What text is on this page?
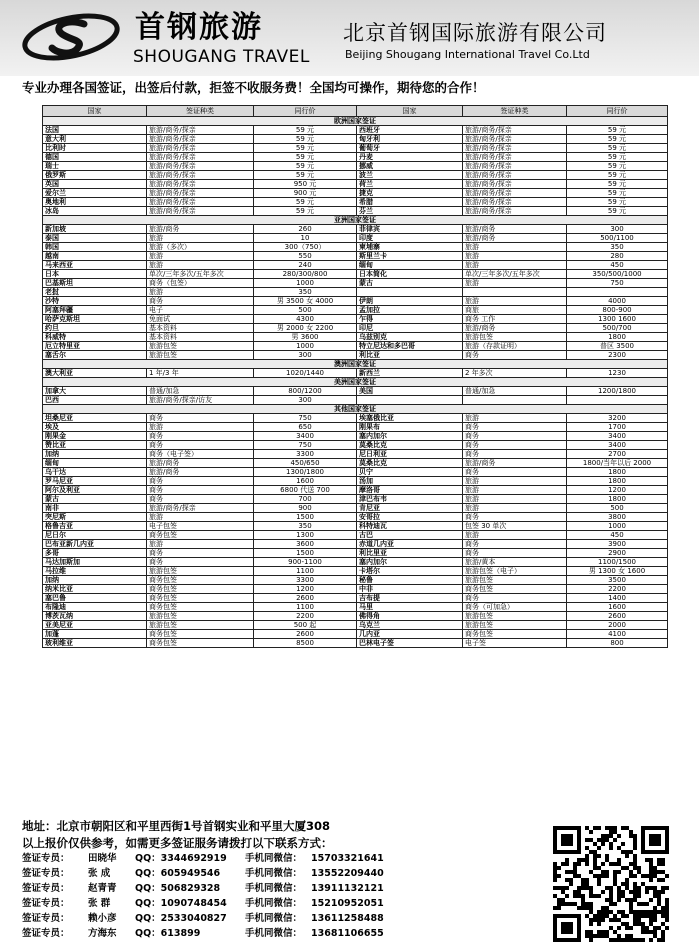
首钢旅游
SHOUGANG TRAVEL
北京首钢国际旅游有限公司
Beijing Shougang International Travel Co.Ltd
专业办理各国签证，出签后付款，拒签不收服务费！全国均可操作，期待您的合作！
国家	签证种类	同行价	国家	签证种类	同行价
欧洲国家签证					
法国	旅游/商务/探亲	59 元	西班牙	旅游/商务/探亲	59 元
意大利	旅游/商务/探亲	59 元	匈牙利	旅游/商务/探亲	59 元
比利时	旅游/商务/探亲	59 元	葡萄牙	旅游/商务/探亲	59 元
德国	旅游/商务/探亲	59 元	丹麦	旅游/商务/探亲	59 元
瑞士	旅游/商务/探亲	59 元	挪威	旅游/商务/探亲	59 元
俄罗斯	旅游/商务/探亲	59 元	波兰	旅游/商务/探亲	59 元
英国	旅游/商务/探亲	950 元	荷兰	旅游/商务/探亲	59 元
爱尔兰	旅游/商务/探亲	900 元	捷克	旅游/商务/探亲	59 元
奥地利	旅游/商务/探亲	59 元	希腊	旅游/商务/探亲	59 元
冰岛	旅游/商务/探亲	59 元	芬兰	旅游/商务/探亲	59 元
亚洲国家签证					
新加坡	旅游/商务	260	菲律宾	旅游/商务	300
泰国	旅游	10	印度	旅游/商务	500/1100
韩国	旅游（多次）	300（750）	柬埔寨	旅游	350
越南	旅游	550	斯里兰卡	旅游	280
马来西亚	旅游	240	缅甸	旅游	450
日本	单次/三年多次/五年多次	280/300/800	日本简化	单次/三年多次/五年多次	350/500/1000
巴基斯坦	商务（包签）	1000	蒙古	旅游	750
老挝	旅游	350			
沙特	商务	男 3500 女 4000	伊朗	旅游	4000
阿塞拜疆	电子	500	孟加拉	商旅	800-900
哈萨克斯坦	免面试	4300	乍得	商务 工作	1300 1600
约旦	基本资料	男 2000 女 2200	印尼	旅游/商务	500/700
科威特	基本资料	男 3600	乌兹别克	旅游包签	1800
厄立特里亚	旅游包签	1000	特立尼达和多巴哥	旅游（存款证明）	普区 3500
塞舌尔	旅游包签	300	利比亚	商务	2300
澳洲国家签证					
澳大利亚	1 年/3 年	1020/1440	新西兰	2 年多次	1230
美洲国家签证					
加拿大	普通/加急	800/1200	美国	普通/加急	1200/1800
巴西	旅游/商务/探亲/访友	300			
其他国家签证					
坦桑尼亚	商务	750	埃塞俄比亚	旅游	3200
埃及	旅游	650	刚果布	商务	1700
刚果金	商务	3400	塞内加尔	商务	3400
赞比亚	商务	750	莫桑比克	商务	3400
加纳	商务（电子签）	3300	尼日利亚	商务	2700
缅甸	旅游/商务	450/650	莫桑比克	旅游/商务	1800/当年以后 2000
乌干达	旅游/商务	1300/1800	贝宁	商务	1800
罗马尼亚	商务	1600	汤加	旅游	1800
阿尔及利亚	商务	6800 代送 700	摩洛哥	旅游	1200
蒙古	商务	700	津巴布韦	旅游	1800
南非	旅游/商务/探亲	900	肯尼亚	旅游	500
突尼斯	旅游	1500	安哥拉	商务	3800
格鲁吉亚	电子包签	350	科特迪瓦	包签 30 单次	1000
尼日尔	商务包签	1300	古巴	旅游	450
巴布亚新几内亚	旅游	3600	赤道几内亚	商务	3900
多哥	商务	1500	利比里亚	商务	2900
马达加斯加	商务	900-1100	塞内加尔	旅游/黄本	1100/1500
马拉维	旅游包签	1100	卡塔尔	旅游包签（电子）	男 1300 女 1600
加纳	商务包签	3300	秘鲁	旅游包签	3500
纳米比亚	商务包签	1200	中非	商务包签	2200
塞巴鲁	商务包签	2600	吉布提	商务	1400
布隆迪	商务包签	1100	马里	商务（可加急）	1600
博茨瓦纳	旅游包签	2200	佛得角	旅游包签	2600
亚美尼亚	旅游包签	500 起	乌克兰	旅游包签	2000
加蓬	商务包签	2600	几内亚	商务包签	4100
玻利维亚	商务包签	8500	巴林电子签	电子签	800
地址：北京市朝阳区和平里西街1号首钢实业和平里大厦308
以上报价仅供参考，如需更多签证服务请拨打以下联系方式：
签证专员： 田晓华 QQ：3344692919 手机同微信： 15703321641
签证专员： 张 成	QQ：605949546	手机同微信： 13552209440
签证专员： 赵青青 QQ：506829328	手机同微信： 13911132121
签证专员： 张 群	QQ：1090748454 手机同微信： 15210952051
签证专员： 赖小彦 QQ：2533040827 手机同微信： 13611258488
签证专员： 方海东 QQ：613899	手机同微信： 13681106655
